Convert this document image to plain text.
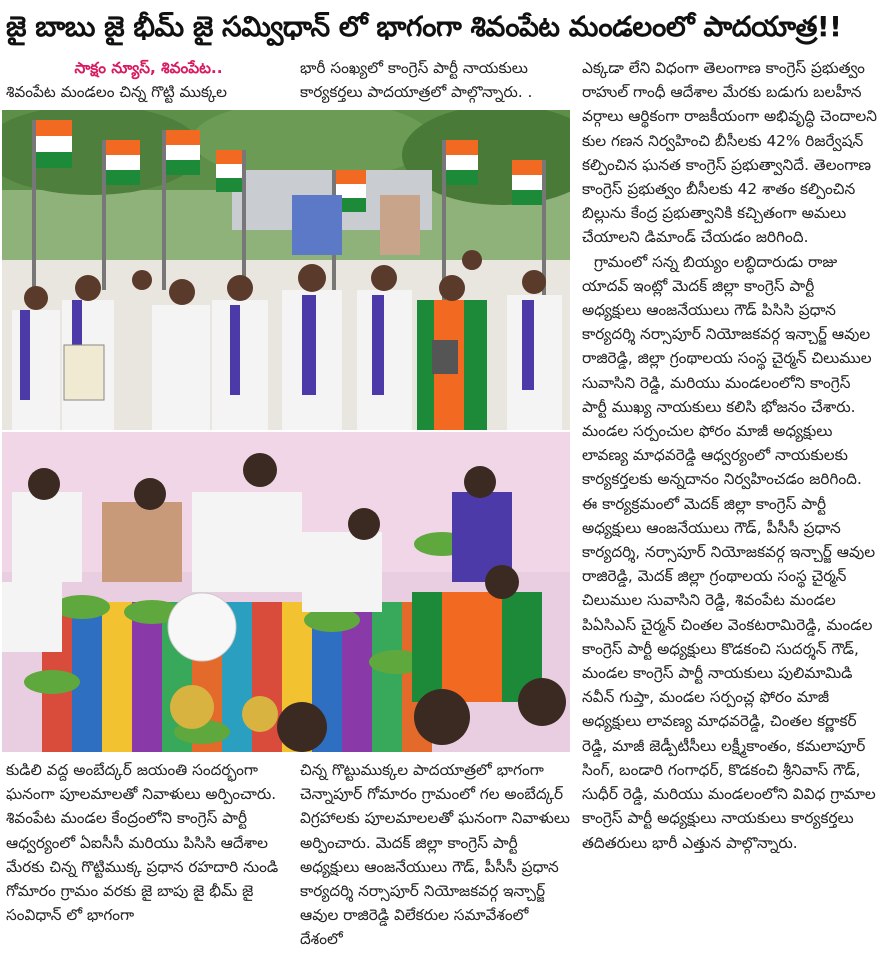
జై బాబు జై భీమ్ జై సమ్విధాన్ లో భాగంగా శివంపేట మండలంలో పాదయాత్ర!!

సాక్షం న్యూస్, శివంపేట..

శివంపేట మండలం చిన్న గొట్టి ముక్కల

భారీ సంఖ్యలో కాంగ్రెస్ పార్టీ నాయకులు కార్యకర్తలు పాదయాత్రలో పాల్గొన్నారు. .

ఎక్కడా లేని విధంగా తెలంగాణ కాంగ్రెస్ ప్రభుత్వం రాహుల్ గాంధీ ఆదేశాల మేరకు బడుగు బలహీన వర్గాలు ఆర్థికంగా రాజకీయంగా అభివృద్ధి చెందాలని కుల గణన నిర్వహించి బీసీలకు 42% రిజర్వేషన్ కల్పించిన ఘనత కాంగ్రెస్ ప్రభుత్వానిదే. తెలంగాణ కాంగ్రెస్ ప్రభుత్వం బీసీలకు 42 శాతం కల్పించిన బిల్లును కేంద్ర ప్రభుత్వానికి కచ్చితంగా అమలు చేయాలని డిమాండ్ చేయడం జరిగింది.

గ్రామంలో సన్న బియ్యం లబ్ధిదారుడు రాజు యాదవ్ ఇంట్లో మెదక్ జిల్లా కాంగ్రెస్ పార్టీ అధ్యక్షులు ఆంజనేయులు గౌడ్ పిసిసి ప్రధాన కార్యదర్శి నర్సాపూర్ నియోజకవర్గ ఇన్చార్జ్ ఆవుల రాజిరెడ్డి, జిల్లా గ్రంథాలయ సంస్థ చైర్మన్ చిలుముల సువాసిని రెడ్డి, మరియు మండలంలోని కాంగ్రెస్ పార్టీ ముఖ్య నాయకులు కలిసి భోజనం చేశారు. మండల సర్పంచుల ఫోరం మాజీ అధ్యక్షులు లావణ్య మాధవరెడ్డి ఆధ్వర్యంలో నాయకులకు కార్యకర్తలకు అన్నదానం నిర్వహించడం జరిగింది. ఈ కార్యక్రమంలో మెదక్ జిల్లా కాంగ్రెస్ పార్టీ అధ్యక్షులు ఆంజనేయులు గౌడ్, పీసీసీ ప్రధాన కార్యదర్శి, నర్సాపూర్ నియోజకవర్గ ఇన్చార్జ్ ఆవుల రాజిరెడ్డి, మెదక్ జిల్లా గ్రంథాలయ సంస్థ చైర్మన్ చిలుముల సువాసిని రెడ్డి, శివంపేట మండల పిఏసిఎస్ చైర్మన్ చింతల వెంకటరామిరెడ్డి, మండల కాంగ్రెస్ పార్టీ అధ్యక్షులు కొడకంచి సుదర్శన్ గౌడ్, మండల కాంగ్రెస్ పార్టీ నాయకులు పులిమామిడి నవీన్ గుప్తా, మండల సర్పంచ్ల ఫోరం మాజీ అధ్యక్షులు లావణ్య మాధవరెడ్డి, చింతల కర్ణాకర్ రెడ్డి, మాజీ జెడ్పీటీసీలు లక్ష్మీకాంతం, కమలాపూర్ సింగ్, బండారి గంగాధర్, కొడకంచి శ్రీనివాస్ గౌడ్, సుధీర్ రెడ్డి, మరియు మండలంలోని వివిధ గ్రామాల కాంగ్రెస్ పార్టీ అధ్యక్షులు నాయకులు కార్యకర్తలు తదితరులు భారీ ఎత్తున పాల్గొన్నారు.

కుడిలి వద్ద అంబేద్కర్ జయంతి సందర్భంగా ఘనంగా పూలమాలతో నివాళులు అర్పించారు.

శివంపేట మండల కేంద్రంలోని కాంగ్రెస్ పార్టీ ఆధ్వర్యంలో ఏఐసీసీ మరియు పిసిసి ఆదేశాల మేరకు చిన్న గొట్టిముక్క ప్రధాన రహదారి నుండి గోమారం గ్రామం వరకు జై బాపు జై భీమ్ జై సంవిధాన్ లో భాగంగా

చిన్న గొట్టుముక్కల పాదయాత్రలో భాగంగా చెన్నాపూర్ గోమారం గ్రామంలో గల అంబేద్కర్ విగ్రహాలకు పూలమాలలతో ఘనంగా నివాళులు అర్పించారు. మెదక్ జిల్లా కాంగ్రెస్ పార్టీ అధ్యక్షులు ఆంజనేయులు గౌడ్, పీసీసీ ప్రధాన కార్యదర్శి నర్సాపూర్ నియోజకవర్గ ఇన్చార్జ్ ఆవుల రాజిరెడ్డి విలేకరుల సమావేశంలో దేశంలో
